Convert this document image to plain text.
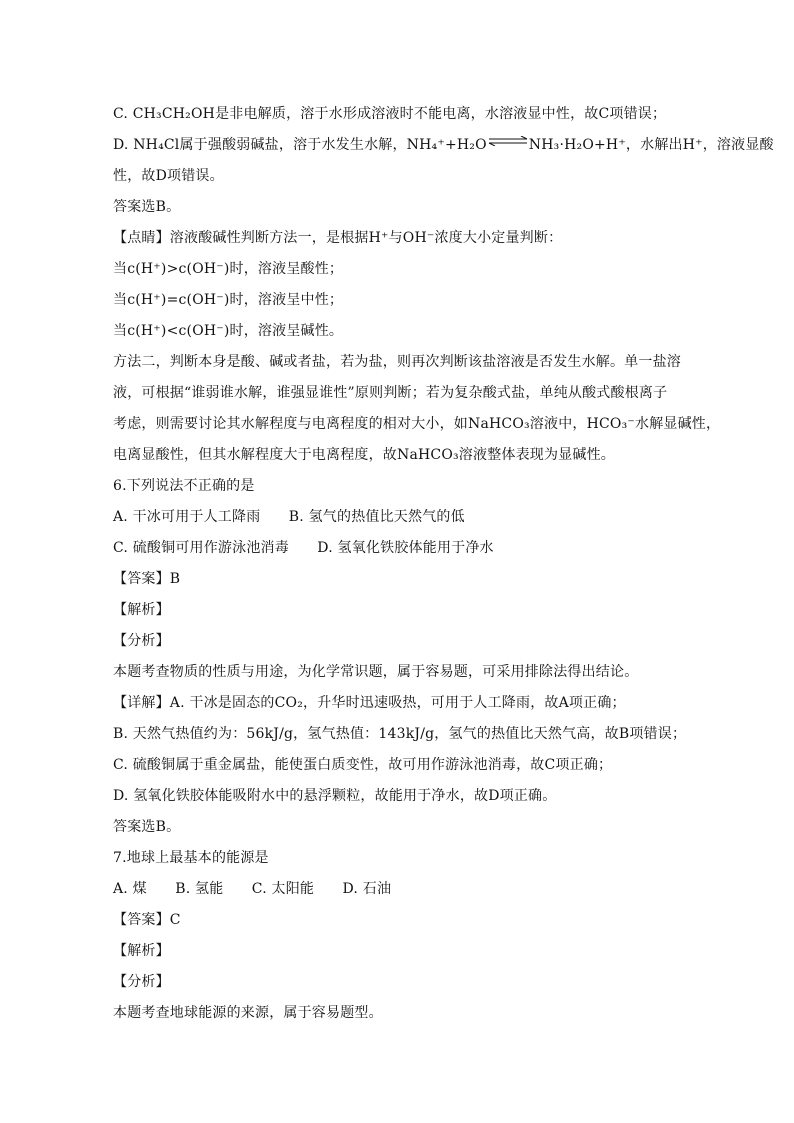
C. CH₃CH₂OH是非电解质，溶于水形成溶液时不能电离，水溶液显中性，故C项错误；
D. NH₄Cl属于强酸弱碱盐，溶于水发生水解，NH₄⁺+H₂O⇌NH₃·H₂O+H⁺，水解出H⁺，溶液显酸
性，故D项错误。
答案选B。
【点睛】溶液酸碱性判断方法一，是根据H⁺与OH⁻浓度大小定量判断：
当c(H⁺)>c(OH⁻)时，溶液呈酸性；
当c(H⁺)=c(OH⁻)时，溶液呈中性；
当c(H⁺)<c(OH⁻)时，溶液呈碱性。
方法二，判断本身是酸、碱或者盐，若为盐，则再次判断该盐溶液是否发生水解。单一盐溶
液，可根据“谁弱谁水解，谁强显谁性”原则判断；若为复杂酸式盐，单纯从酸式酸根离子
考虑，则需要讨论其水解程度与电离程度的相对大小，如NaHCO₃溶液中，HCO₃⁻水解显碱性，
电离显酸性，但其水解程度大于电离程度，故NaHCO₃溶液整体表现为显碱性。
6.下列说法不正确的是
A. 干冰可用于人工降雨　　B. 氢气的热值比天然气的低
C. 硫酸铜可用作游泳池消毒　　D. 氢氧化铁胶体能用于净水
【答案】B
【解析】
【分析】
本题考查物质的性质与用途，为化学常识题，属于容易题，可采用排除法得出结论。
【详解】A. 干冰是固态的CO₂，升华时迅速吸热，可用于人工降雨，故A项正确；
B. 天然气热值约为：56kJ/g，氢气热值：143kJ/g，氢气的热值比天然气高，故B项错误；
C. 硫酸铜属于重金属盐，能使蛋白质变性，故可用作游泳池消毒，故C项正确；
D. 氢氧化铁胶体能吸附水中的悬浮颗粒，故能用于净水，故D项正确。
答案选B。
7.地球上最基本的能源是
A. 煤　　B. 氢能　　C. 太阳能　　D. 石油
【答案】C
【解析】
【分析】
本题考查地球能源的来源，属于容易题型。
